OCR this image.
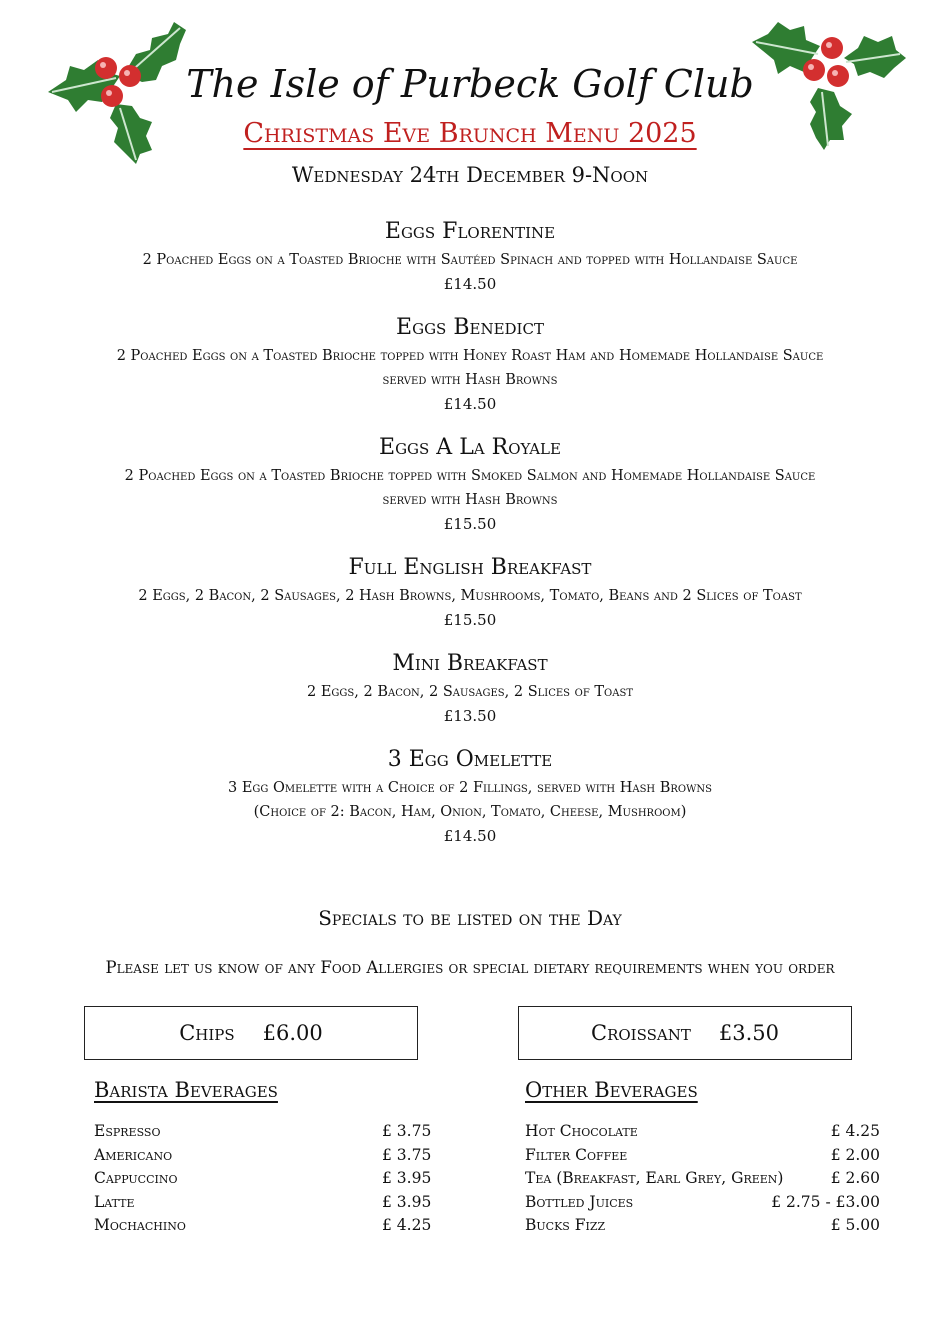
The Isle of Purbeck Golf Club
Christmas Eve Brunch Menu 2025
Wednesday 24th December 9-Noon
Eggs Florentine
2 Poached Eggs on a Toasted Brioche with Sautéed Spinach and topped with Hollandaise Sauce
£14.50
Eggs Benedict
2 Poached Eggs on a Toasted Brioche topped with Honey Roast Ham and Homemade Hollandaise Sauce
served with Hash Browns
£14.50
Eggs A La Royale
2 Poached Eggs on a Toasted Brioche topped with Smoked Salmon and Homemade Hollandaise Sauce
served with Hash Browns
£15.50
Full English Breakfast
2 Eggs, 2 Bacon, 2 Sausages, 2 Hash Browns, Mushrooms, Tomato, Beans and 2 Slices of Toast
£15.50
Mini Breakfast
2 Eggs, 2 Bacon, 2 Sausages, 2 Slices of Toast
£13.50
3 Egg Omelette
3 Egg Omelette with a Choice of 2 Fillings, served with Hash Browns
(Choice of 2: Bacon, Ham, Onion, Tomato, Cheese, Mushroom)
£14.50
Specials to be listed on the Day
Please let us know of any Food Allergies or special dietary requirements when you order
Chips £6.00	Croissant £3.50
Barista Beverages
Espresso	£ 3.75
Americano	£ 3.75
Cappuccino	£ 3.95
Latte	£ 3.95
Mochachino	£ 4.25
Other Beverages
Hot Chocolate	£ 4.25
Filter Coffee	£ 2.00
Tea (Breakfast, Earl Grey, Green)	£ 2.60
Bottled Juices	£ 2.75 - £3.00
Bucks Fizz	£ 5.00
